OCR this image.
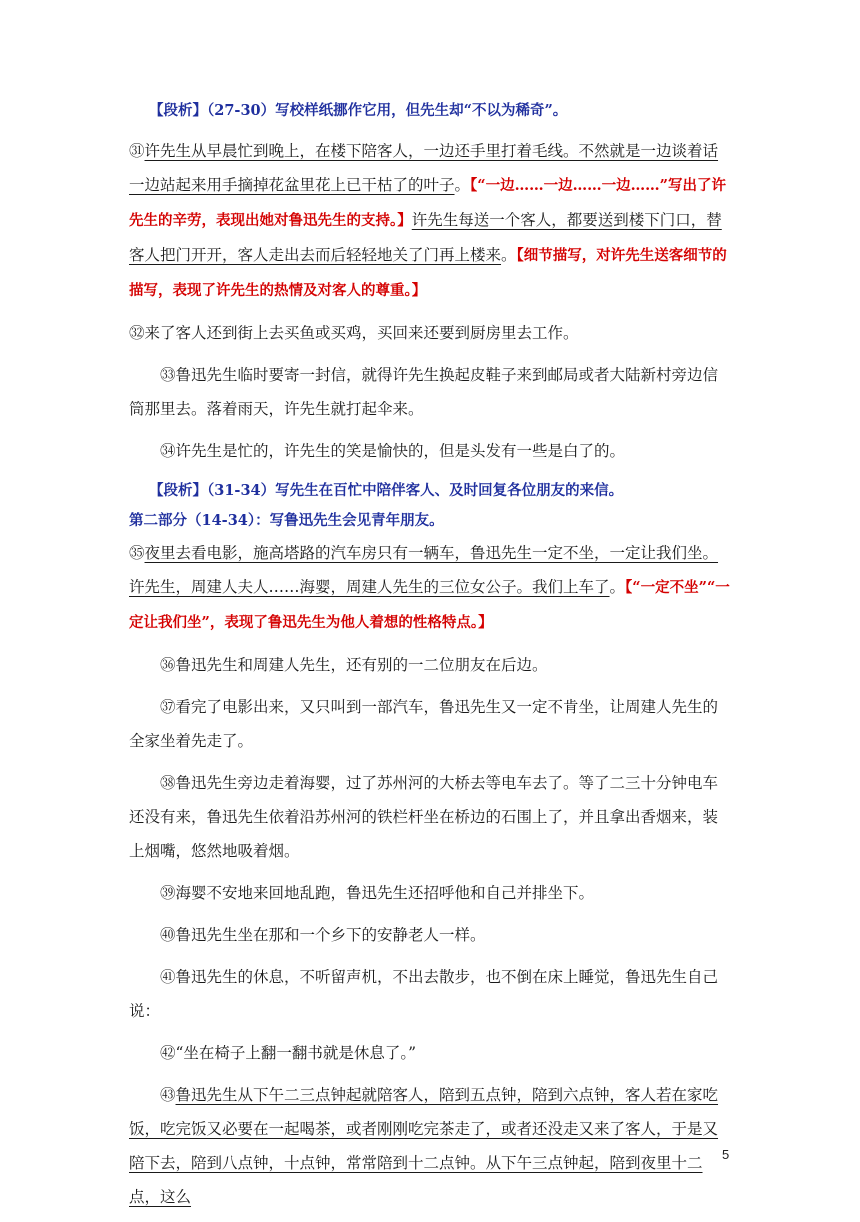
【段析】（27-30）写校样纸挪作它用，但先生却“不以为稀奇”。

㉛许先生从早晨忙到晚上，在楼下陪客人，一边还手里打着毛线。不然就是一边谈着话一边站起来用手摘掉花盆里花上已干枯了的叶子。【“一边……一边……一边……”写出了许先生的辛劳，表现出她对鲁迅先生的支持。】许先生每送一个客人，都要送到楼下门口，替客人把门开开，客人走出去而后轻轻地关了门再上楼来。【细节描写，对许先生送客细节的描写，表现了许先生的热情及对客人的尊重。】

㉜来了客人还到街上去买鱼或买鸡，买回来还要到厨房里去工作。

㉝鲁迅先生临时要寄一封信，就得许先生换起皮鞋子来到邮局或者大陆新村旁边信筒那里去。落着雨天，许先生就打起伞来。

㉞许先生是忙的，许先生的笑是愉快的，但是头发有一些是白了的。

【段析】（31-34）写先生在百忙中陪伴客人、及时回复各位朋友的来信。

第二部分（14-34）：写鲁迅先生会见青年朋友。

㉟夜里去看电影，施高塔路的汽车房只有一辆车，鲁迅先生一定不坐，一定让我们坐。许先生，周建人夫人……海婴，周建人先生的三位女公子。我们上车了。【“一定不坐”“一定让我们坐”，表现了鲁迅先生为他人着想的性格特点。】

㊱鲁迅先生和周建人先生，还有别的一二位朋友在后边。

㊲看完了电影出来，又只叫到一部汽车，鲁迅先生又一定不肯坐，让周建人先生的全家坐着先走了。

㊳鲁迅先生旁边走着海婴，过了苏州河的大桥去等电车去了。等了二三十分钟电车还没有来，鲁迅先生依着沿苏州河的铁栏杆坐在桥边的石围上了，并且拿出香烟来，装上烟嘴，悠然地吸着烟。

㊴海婴不安地来回地乱跑，鲁迅先生还招呼他和自己并排坐下。

㊵鲁迅先生坐在那和一个乡下的安静老人一样。

㊶鲁迅先生的休息，不听留声机，不出去散步，也不倒在床上睡觉，鲁迅先生自己说：

㊷“坐在椅子上翻一翻书就是休息了。”

㊸鲁迅先生从下午二三点钟起就陪客人，陪到五点钟，陪到六点钟，客人若在家吃饭，吃完饭又必要在一起喝茶，或者刚刚吃完茶走了，或者还没走又来了客人，于是又陪下去，陪到八点钟，十点钟，常常陪到十二点钟。从下午三点钟起，陪到夜里十二点，这么

5
